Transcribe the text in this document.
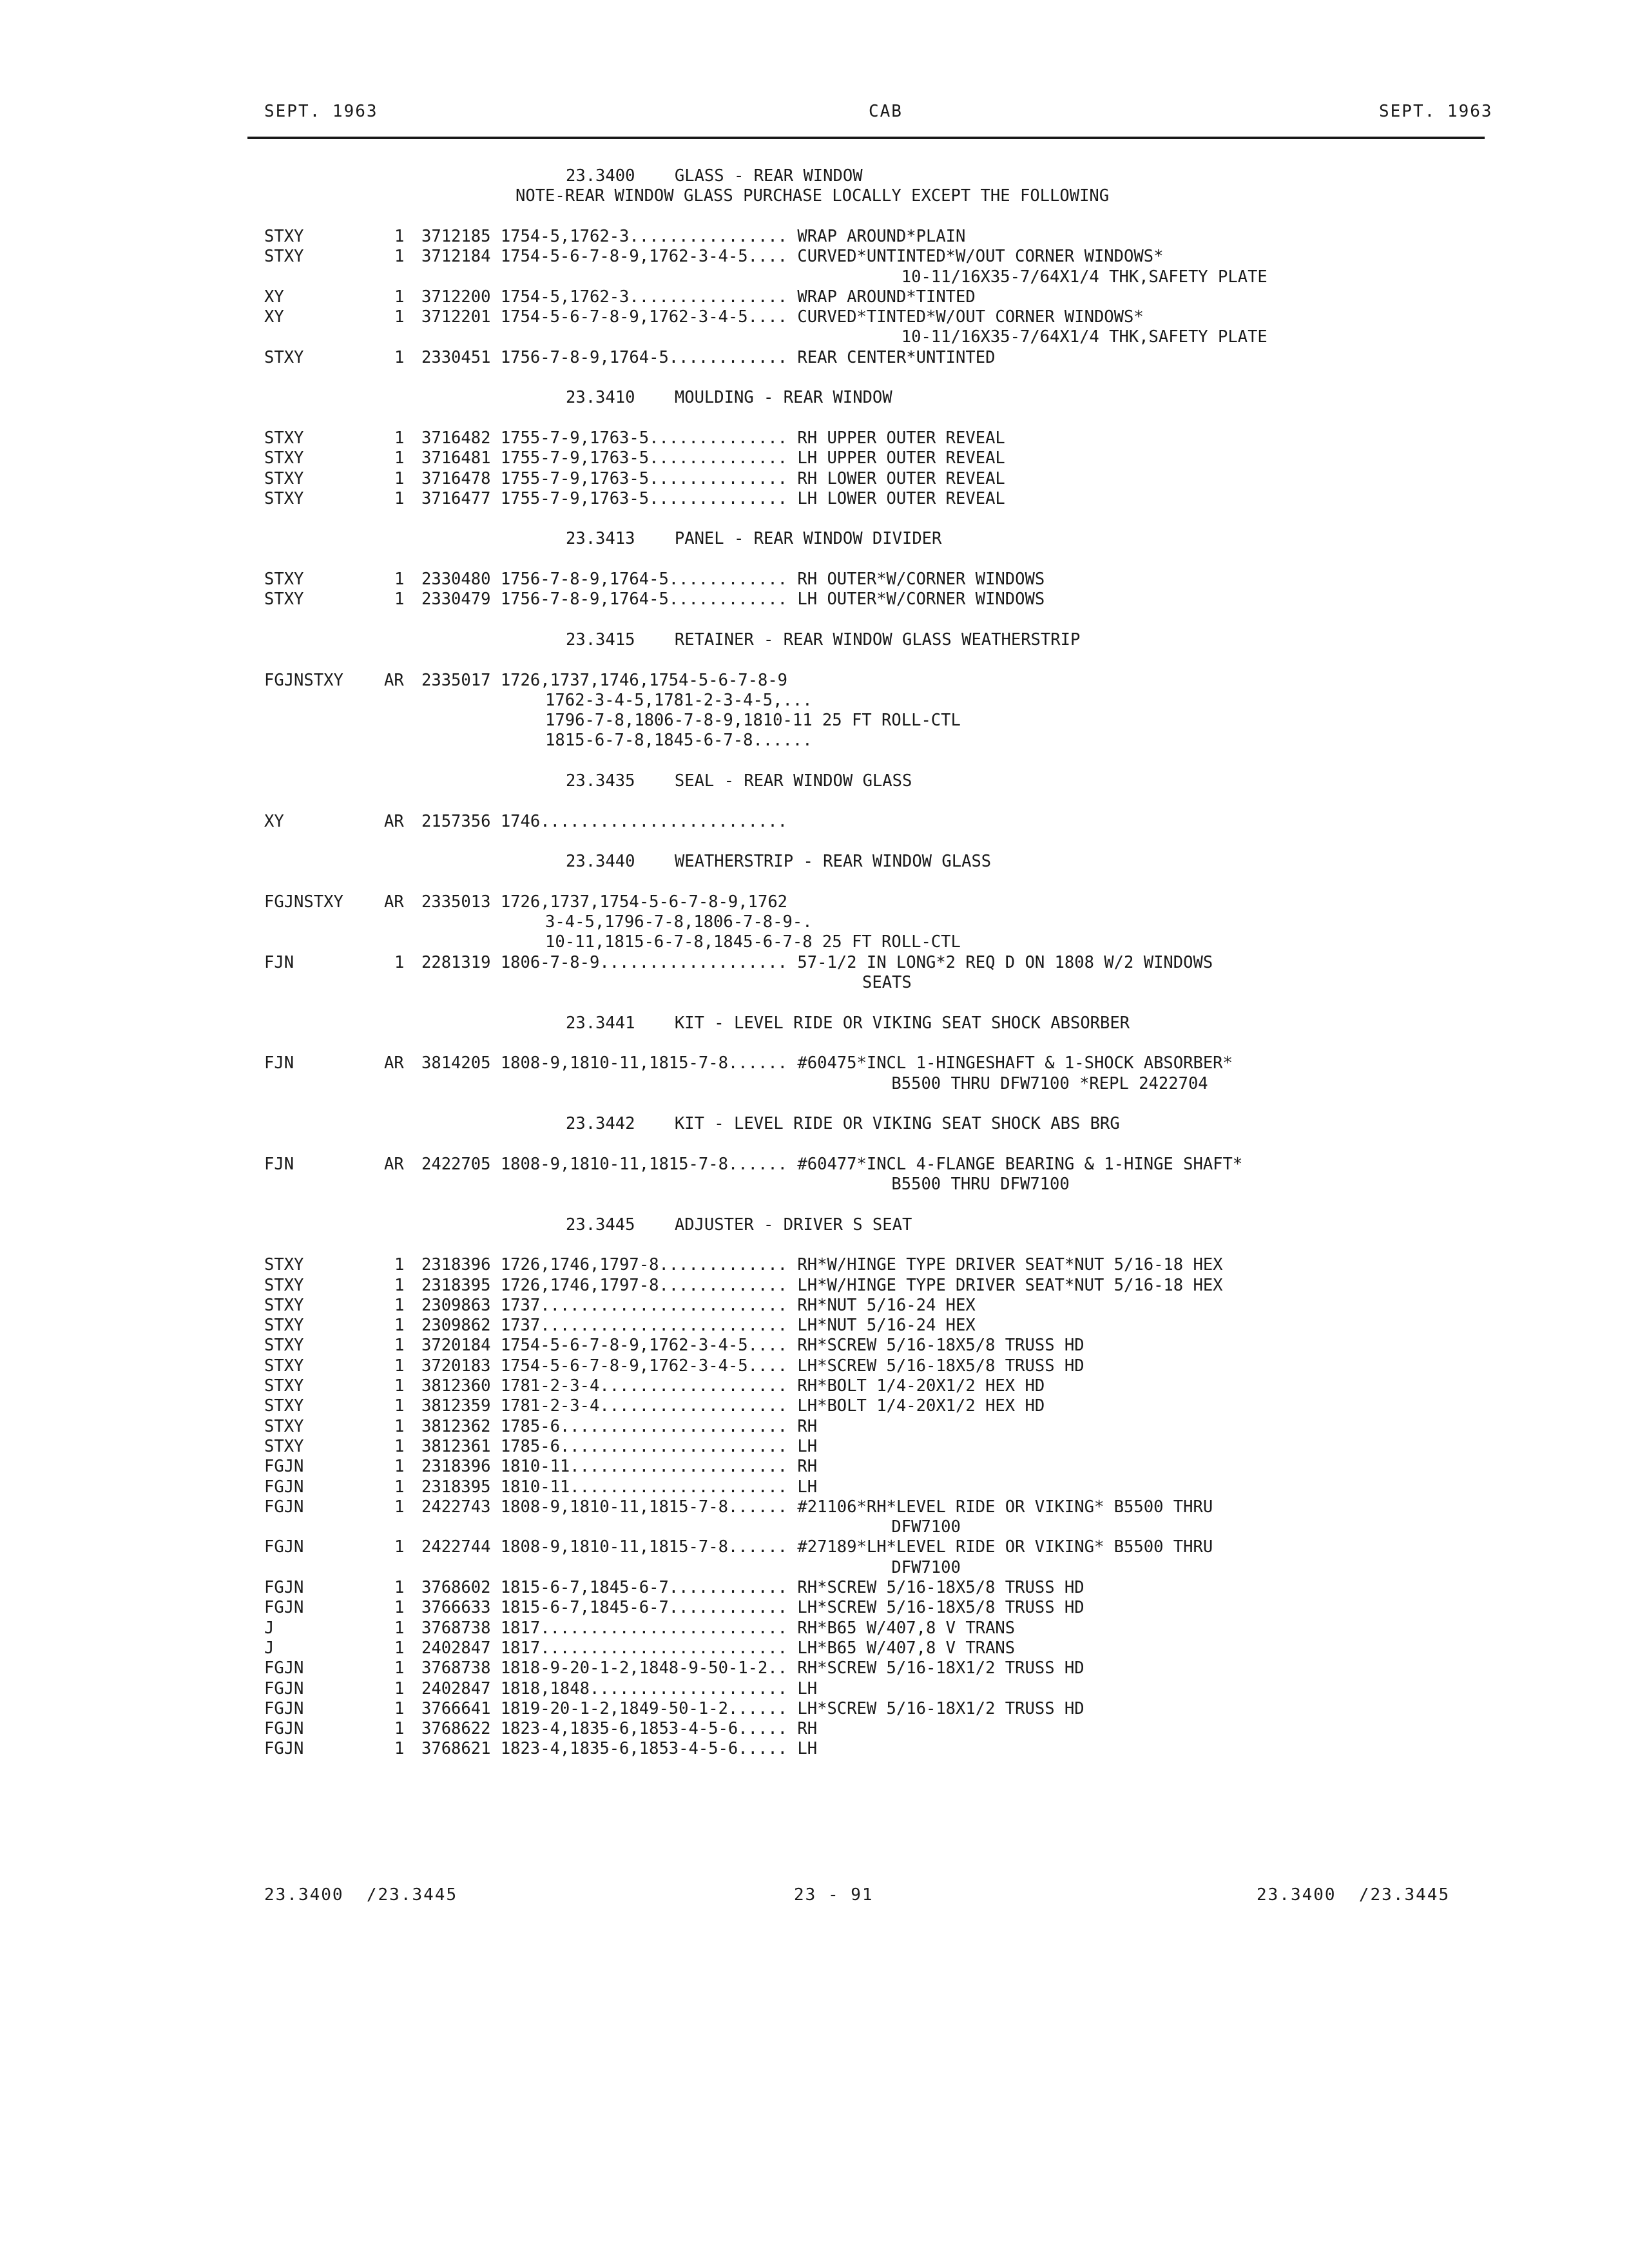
SEPT. 1963	CAB	SEPT. 1963
23.3400    GLASS - REAR WINDOW
NOTE-REAR WINDOW GLASS PURCHASE LOCALLY EXCEPT THE FOLLOWING
STXY	1 3712185 1754-5,1762-3................ WRAP AROUND*PLAIN
STXY	1 3712184 1754-5-6-7-8-9,1762-3-4-5.... CURVED*UNTINTED*W/OUT CORNER WINDOWS*
10-11/16X35-7/64X1/4 THK,SAFETY PLATE
XY	1 3712200 1754-5,1762-3................ WRAP AROUND*TINTED
XY	1 3712201 1754-5-6-7-8-9,1762-3-4-5.... CURVED*TINTED*W/OUT CORNER WINDOWS*
10-11/16X35-7/64X1/4 THK,SAFETY PLATE
STXY	1 2330451 1756-7-8-9,1764-5............ REAR CENTER*UNTINTED
23.3410    MOULDING - REAR WINDOW
STXY	1 3716482 1755-7-9,1763-5.............. RH UPPER OUTER REVEAL
STXY	1 3716481 1755-7-9,1763-5.............. LH UPPER OUTER REVEAL
STXY	1 3716478 1755-7-9,1763-5.............. RH LOWER OUTER REVEAL
STXY	1 3716477 1755-7-9,1763-5.............. LH LOWER OUTER REVEAL
23.3413    PANEL - REAR WINDOW DIVIDER
STXY	1 2330480 1756-7-8-9,1764-5............ RH OUTER*W/CORNER WINDOWS
STXY	1 2330479 1756-7-8-9,1764-5............ LH OUTER*W/CORNER WINDOWS
23.3415    RETAINER - REAR WINDOW GLASS WEATHERSTRIP
FGJNSTXY AR 2335017 1726,1737,1746,1754-5-6-7-8-9
1762-3-4-5,1781-2-3-4-5,...
1796-7-8,1806-7-8-9,1810-11 25 FT ROLL-CTL
1815-6-7-8,1845-6-7-8......
23.3435    SEAL - REAR WINDOW GLASS
XY	AR 2157356 1746.........................
23.3440    WEATHERSTRIP - REAR WINDOW GLASS
FGJNSTXY AR 2335013 1726,1737,1754-5-6-7-8-9,1762
3-4-5,1796-7-8,1806-7-8-9-.
10-11,1815-6-7-8,1845-6-7-8 25 FT ROLL-CTL
FJN	1 2281319 1806-7-8-9................... 57-1/2 IN LONG*2 REQ D ON 1808 W/2 WINDOWS
SEATS
23.3441    KIT - LEVEL RIDE OR VIKING SEAT SHOCK ABSORBER
FJN	AR 3814205 1808-9,1810-11,1815-7-8...... #60475*INCL 1-HINGESHAFT & 1-SHOCK ABSORBER*
B5500 THRU DFW7100 *REPL 2422704
23.3442    KIT - LEVEL RIDE OR VIKING SEAT SHOCK ABS BRG
FJN	AR 2422705 1808-9,1810-11,1815-7-8...... #60477*INCL 4-FLANGE BEARING & 1-HINGE SHAFT*
B5500 THRU DFW7100
23.3445    ADJUSTER - DRIVER S SEAT
STXY	1 2318396 1726,1746,1797-8............. RH*W/HINGE TYPE DRIVER SEAT*NUT 5/16-18 HEX
STXY	1 2318395 1726,1746,1797-8............. LH*W/HINGE TYPE DRIVER SEAT*NUT 5/16-18 HEX
STXY	1 2309863 1737......................... RH*NUT 5/16-24 HEX
STXY	1 2309862 1737......................... LH*NUT 5/16-24 HEX
STXY	1 3720184 1754-5-6-7-8-9,1762-3-4-5.... RH*SCREW 5/16-18X5/8 TRUSS HD
STXY	1 3720183 1754-5-6-7-8-9,1762-3-4-5.... LH*SCREW 5/16-18X5/8 TRUSS HD
STXY	1 3812360 1781-2-3-4................... RH*BOLT 1/4-20X1/2 HEX HD
STXY	1 3812359 1781-2-3-4................... LH*BOLT 1/4-20X1/2 HEX HD
STXY	1 3812362 1785-6....................... RH
STXY	1 3812361 1785-6....................... LH
FGJN	1 2318396 1810-11...................... RH
FGJN	1 2318395 1810-11...................... LH
FGJN	1 2422743 1808-9,1810-11,1815-7-8...... #21106*RH*LEVEL RIDE OR VIKING* B5500 THRU
DFW7100
FGJN	1 2422744 1808-9,1810-11,1815-7-8...... #27189*LH*LEVEL RIDE OR VIKING* B5500 THRU
DFW7100
FGJN	1 3768602 1815-6-7,1845-6-7............ RH*SCREW 5/16-18X5/8 TRUSS HD
FGJN	1 3766633 1815-6-7,1845-6-7............ LH*SCREW 5/16-18X5/8 TRUSS HD
J	1 3768738 1817......................... RH*B65 W/407,8 V TRANS
J	1 2402847 1817......................... LH*B65 W/407,8 V TRANS
FGJN	1 3768738 1818-9-20-1-2,1848-9-50-1-2.. RH*SCREW 5/16-18X1/2 TRUSS HD
FGJN	1 2402847 1818,1848.................... LH
FGJN	1 3766641 1819-20-1-2,1849-50-1-2...... LH*SCREW 5/16-18X1/2 TRUSS HD
FGJN	1 3768622 1823-4,1835-6,1853-4-5-6..... RH
FGJN	1 3768621 1823-4,1835-6,1853-4-5-6..... LH
23.3400  /23.3445	23 - 91	23.3400  /23.3445
